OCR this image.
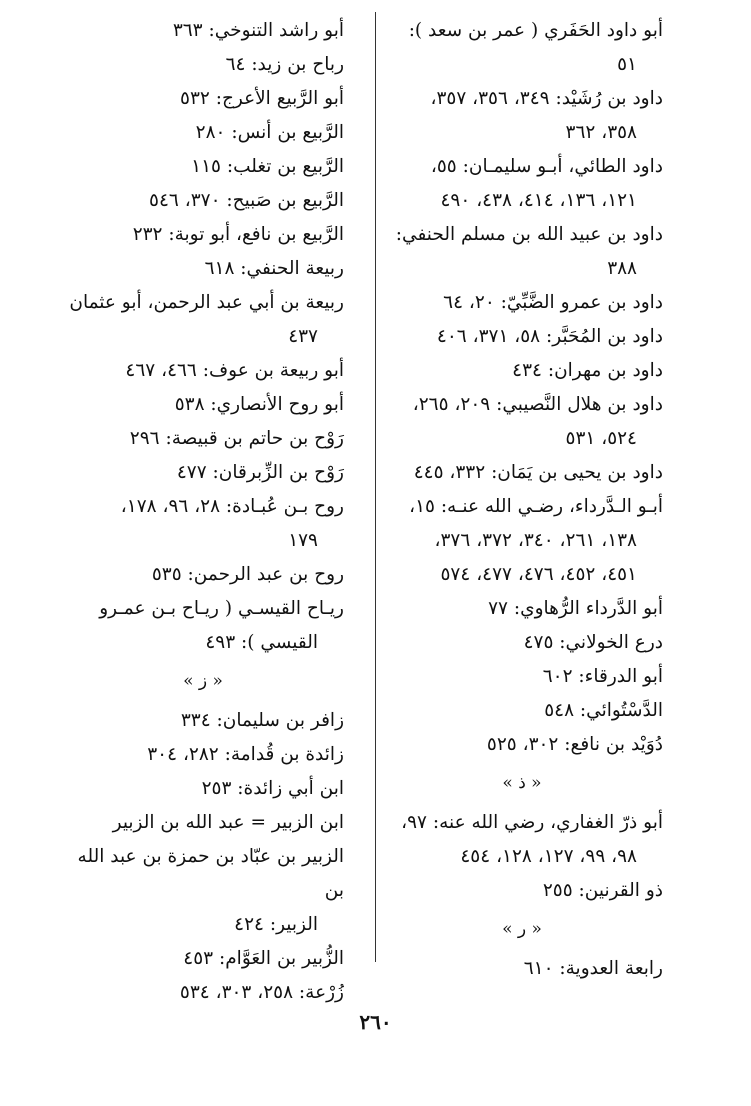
أبو داود الحَفَري ( عمر بن سعد ):
٥١
داود بن رُشَيْد: ٣٤٩، ٣٥٦، ٣٥٧،
٣٥٨، ٣٦٢
داود الطائي، أبـو سليمـان: ٥٥،
١٢١، ١٣٦، ٤١٤، ٤٣٨، ٤٩٠
داود بن عبيد الله بن مسلم الحنفي:
٣٨٨
داود بن عمرو الضَّبِّيّ: ٢٠، ٦٤
داود بن المُحَبَّر: ٥٨، ٣٧١، ٤٠٦
داود بن مهران: ٤٣٤
داود بن هلال النَّصيبي: ٢٠٩، ٢٦٥،
٥٢٤، ٥٣١
داود بن يحيى بن يَمَان: ٣٣٢، ٤٤٥
أبـو الـدَّرداء، رضـي الله عنـه: ١٥،
١٣٨، ٢٦١، ٣٤٠، ٣٧٢، ٣٧٦،
٤٥١، ٤٥٢، ٤٧٦، ٤٧٧، ٥٧٤
أبو الدَّرداء الرُّهاوي: ٧٧
درع الخولاني: ٤٧٥
أبو الدرقاء: ٦٠٢
الدَّسْتُوائي: ٥٤٨
دُوَيْد بن نافع: ٣٠٢، ٥٢٥
« ذ »
أبو ذرّ الغفاري، رضي الله عنه: ٩٧،
٩٨، ٩٩، ١٢٧، ١٢٨، ٤٥٤
ذو القرنين: ٢٥٥
« ر »
رابعة العدوية: ٦١٠
أبو راشد التنوخي: ٣٦٣
رباح بن زيد: ٦٤
أبو الرَّبيع الأعرج: ٥٣٢
الرَّبيع بن أنس: ٢٨٠
الرَّبيع بن تغلب: ١١٥
الرَّبيع بن صَبيح: ٣٧٠، ٥٤٦
الرَّبيع بن نافع، أبو توبة: ٢٣٢
ربيعة الحنفي: ٦١٨
ربيعة بن أبي عبد الرحمن، أبو عثمان
٤٣٧
أبو ربيعة بن عوف: ٤٦٦، ٤٦٧
أبو روح الأنصاري: ٥٣٨
رَوْح بن حاتم بن قبيصة: ٢٩٦
رَوْح بن الزِّبرقان: ٤٧٧
روح بـن عُبـادة: ٢٨، ٩٦، ١٧٨،
١٧٩
روح بن عبد الرحمن: ٥٣٥
ريـاح القيسـي ( ريـاح بـن عمـرو
القيسي ): ٤٩٣
« ز »
زافر بن سليمان: ٣٣٤
زائدة بن قُدامة: ٢٨٢، ٣٠٤
ابن أبي زائدة: ٢٥٣
ابن الزبير = عبد الله بن الزبير
الزبير بن عبّاد بن حمزة بن عبد الله بن
الزبير: ٤٢٤
الزُّبير بن العَوَّام: ٤٥٣
زُرْعة: ٢٥٨، ٣٠٣، ٥٣٤
٢٦٠
